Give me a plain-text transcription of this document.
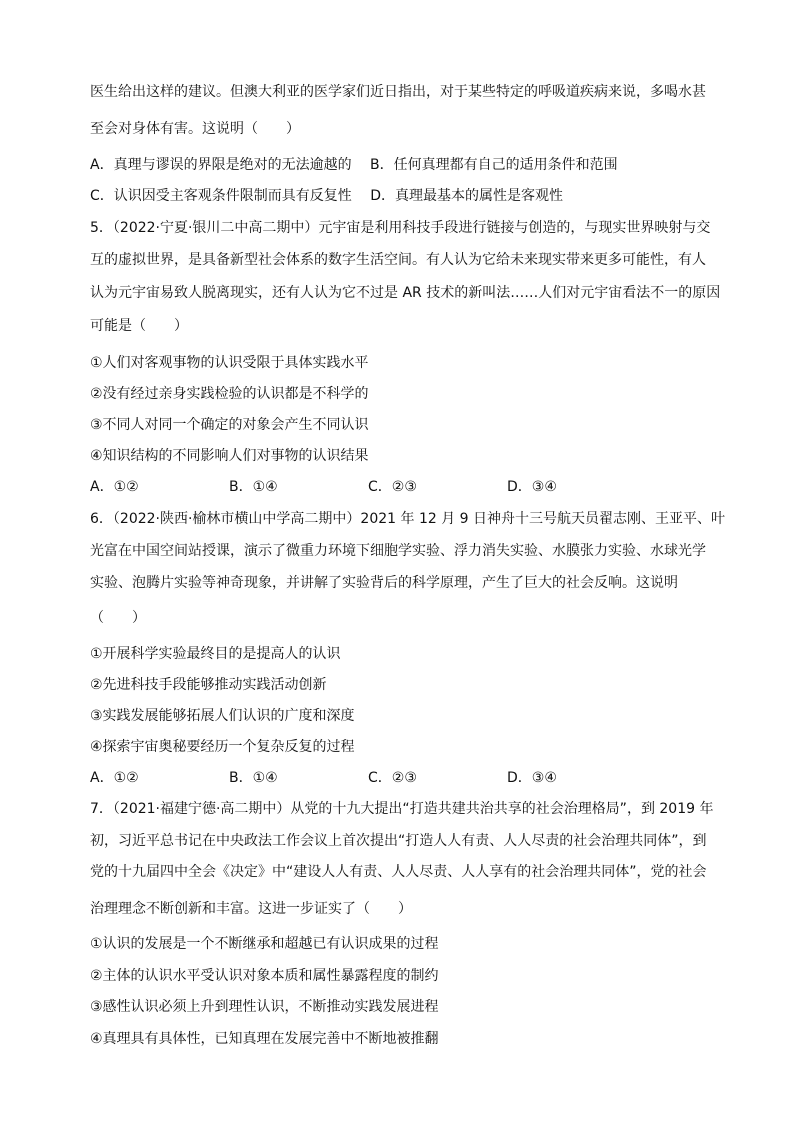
医生给出这样的建议。但澳大利亚的医学家们近日指出，对于某些特定的呼吸道疾病来说，多喝水甚
至会对身体有害。这说明（　　）
A．真理与谬误的界限是绝对的无法逾越的　 B．任何真理都有自己的适用条件和范围
C．认识因受主客观条件限制而具有反复性　 D．真理最基本的属性是客观性
5．（2022·宁夏·银川二中高二期中）元宇宙是利用科技手段进行链接与创造的，与现实世界映射与交
互的虚拟世界，是具备新型社会体系的数字生活空间。有人认为它给未来现实带来更多可能性，有人
认为元宇宙易致人脱离现实，还有人认为它不过是 AR 技术的新叫法……人们对元宇宙看法不一的原因
可能是（　　）
①人们对客观事物的认识受限于具体实践水平
②没有经过亲身实践检验的认识都是不科学的
③不同人对同一个确定的对象会产生不同认识
④知识结构的不同影响人们对事物的认识结果
A．①②	B．①④	C．②③	D．③④
6．（2022·陕西·榆林市横山中学高二期中）2021 年 12 月 9 日神舟十三号航天员翟志刚、王亚平、叶
光富在中国空间站授课，演示了微重力环境下细胞学实验、浮力消失实验、水膜张力实验、水球光学
实验、泡腾片实验等神奇现象，并讲解了实验背后的科学原理，产生了巨大的社会反响。这说明
（　　）
①开展科学实验最终目的是提高人的认识
②先进科技手段能够推动实践活动创新
③实践发展能够拓展人们认识的广度和深度
④探索宇宙奥秘要经历一个复杂反复的过程
A．①②	B．①④	C．②③	D．③④
7．（2021·福建宁德·高二期中）从党的十九大提出“打造共建共治共享的社会治理格局”，到 2019 年
初，习近平总书记在中央政法工作会议上首次提出“打造人人有责、人人尽责的社会治理共同体”，到
党的十九届四中全会《决定》中“建设人人有责、人人尽责、人人享有的社会治理共同体”，党的社会
治理理念不断创新和丰富。这进一步证实了（　　）
①认识的发展是一个不断继承和超越已有认识成果的过程
②主体的认识水平受认识对象本质和属性暴露程度的制约
③感性认识必须上升到理性认识，不断推动实践发展进程
④真理具有具体性，已知真理在发展完善中不断地被推翻
